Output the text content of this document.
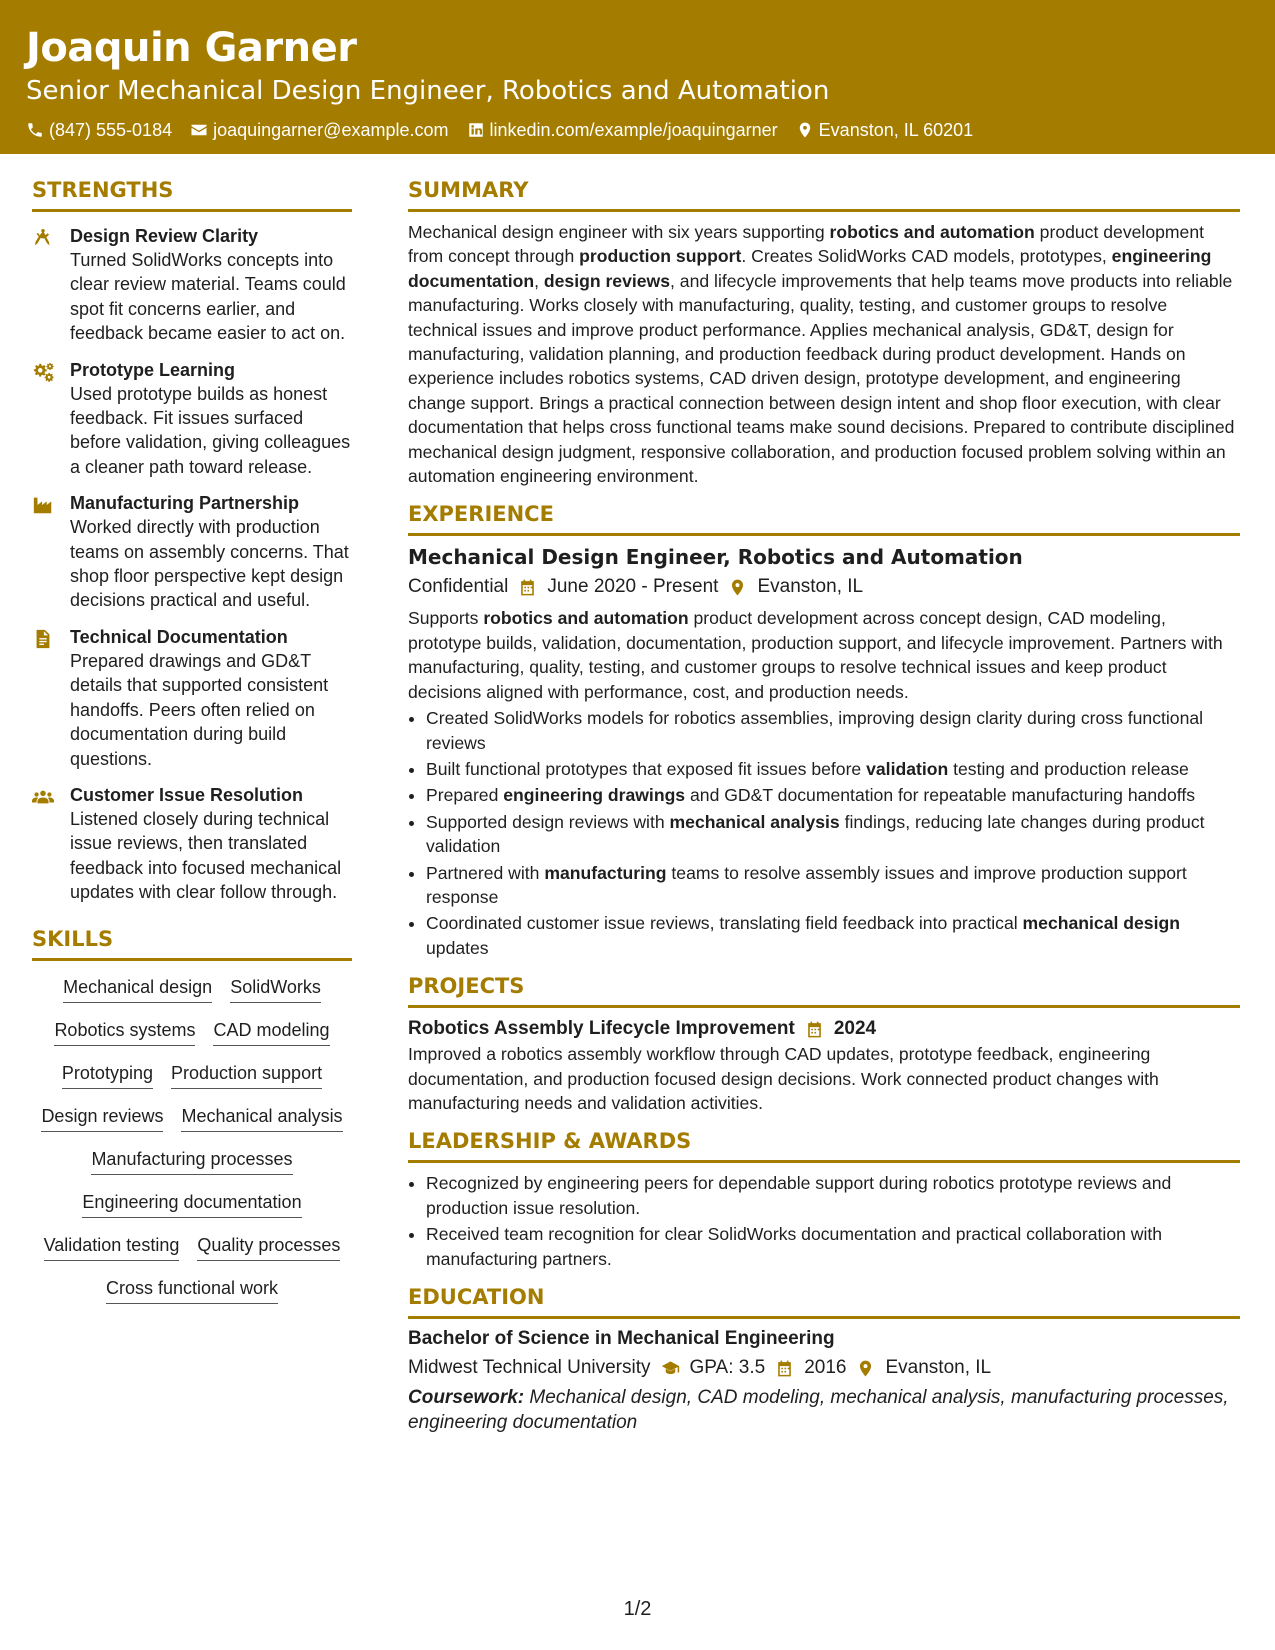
Joaquin Garner
Senior Mechanical Design Engineer, Robotics and Automation
(847) 555-0184 joaquingarner@example.com linkedin.com/example/joaquingarner Evanston, IL 60201
STRENGTHS
Design Review Clarity
Turned SolidWorks concepts into clear review material. Teams could spot fit concerns earlier, and feedback became easier to act on.
Prototype Learning
Used prototype builds as honest feedback. Fit issues surfaced before validation, giving colleagues a cleaner path toward release.
Manufacturing Partnership
Worked directly with production teams on assembly concerns. That shop floor perspective kept design decisions practical and useful.
Technical Documentation
Prepared drawings and GD&T details that supported consistent handoffs. Peers often relied on documentation during build questions.
Customer Issue Resolution
Listened closely during technical issue reviews, then translated feedback into focused mechanical updates with clear follow through.
SKILLS
Mechanical design SolidWorks
Robotics systems CAD modeling
Prototyping Production support
Design reviews Mechanical analysis
Manufacturing processes
Engineering documentation
Validation testing Quality processes
Cross functional work
SUMMARY
Mechanical design engineer with six years supporting robotics and automation product development from concept through production support. Creates SolidWorks CAD models, prototypes, engineering documentation, design reviews, and lifecycle improvements that help teams move products into reliable manufacturing. Works closely with manufacturing, quality, testing, and customer groups to resolve technical issues and improve product performance. Applies mechanical analysis, GD&T, design for manufacturing, validation planning, and production feedback during product development. Hands on experience includes robotics systems, CAD driven design, prototype development, and engineering change support. Brings a practical connection between design intent and shop floor execution, with clear documentation that helps cross functional teams make sound decisions. Prepared to contribute disciplined mechanical design judgment, responsive collaboration, and production focused problem solving within an automation engineering environment.
EXPERIENCE
Mechanical Design Engineer, Robotics and Automation
Confidential June 2020 - Present Evanston, IL
Supports robotics and automation product development across concept design, CAD modeling, prototype builds, validation, documentation, production support, and lifecycle improvement. Partners with manufacturing, quality, testing, and customer groups to resolve technical issues and keep product decisions aligned with performance, cost, and production needs.
• Created SolidWorks models for robotics assemblies, improving design clarity during cross functional reviews
• Built functional prototypes that exposed fit issues before validation testing and production release
• Prepared engineering drawings and GD&T documentation for repeatable manufacturing handoffs
• Supported design reviews with mechanical analysis findings, reducing late changes during product validation
• Partnered with manufacturing teams to resolve assembly issues and improve production support response
• Coordinated customer issue reviews, translating field feedback into practical mechanical design updates
PROJECTS
Robotics Assembly Lifecycle Improvement 2024
Improved a robotics assembly workflow through CAD updates, prototype feedback, engineering documentation, and production focused design decisions. Work connected product changes with manufacturing needs and validation activities.
LEADERSHIP & AWARDS
• Recognized by engineering peers for dependable support during robotics prototype reviews and production issue resolution.
• Received team recognition for clear SolidWorks documentation and practical collaboration with manufacturing partners.
EDUCATION
Bachelor of Science in Mechanical Engineering
Midwest Technical University GPA: 3.5 2016 Evanston, IL
Coursework: Mechanical design, CAD modeling, mechanical analysis, manufacturing processes, engineering documentation
1/2
